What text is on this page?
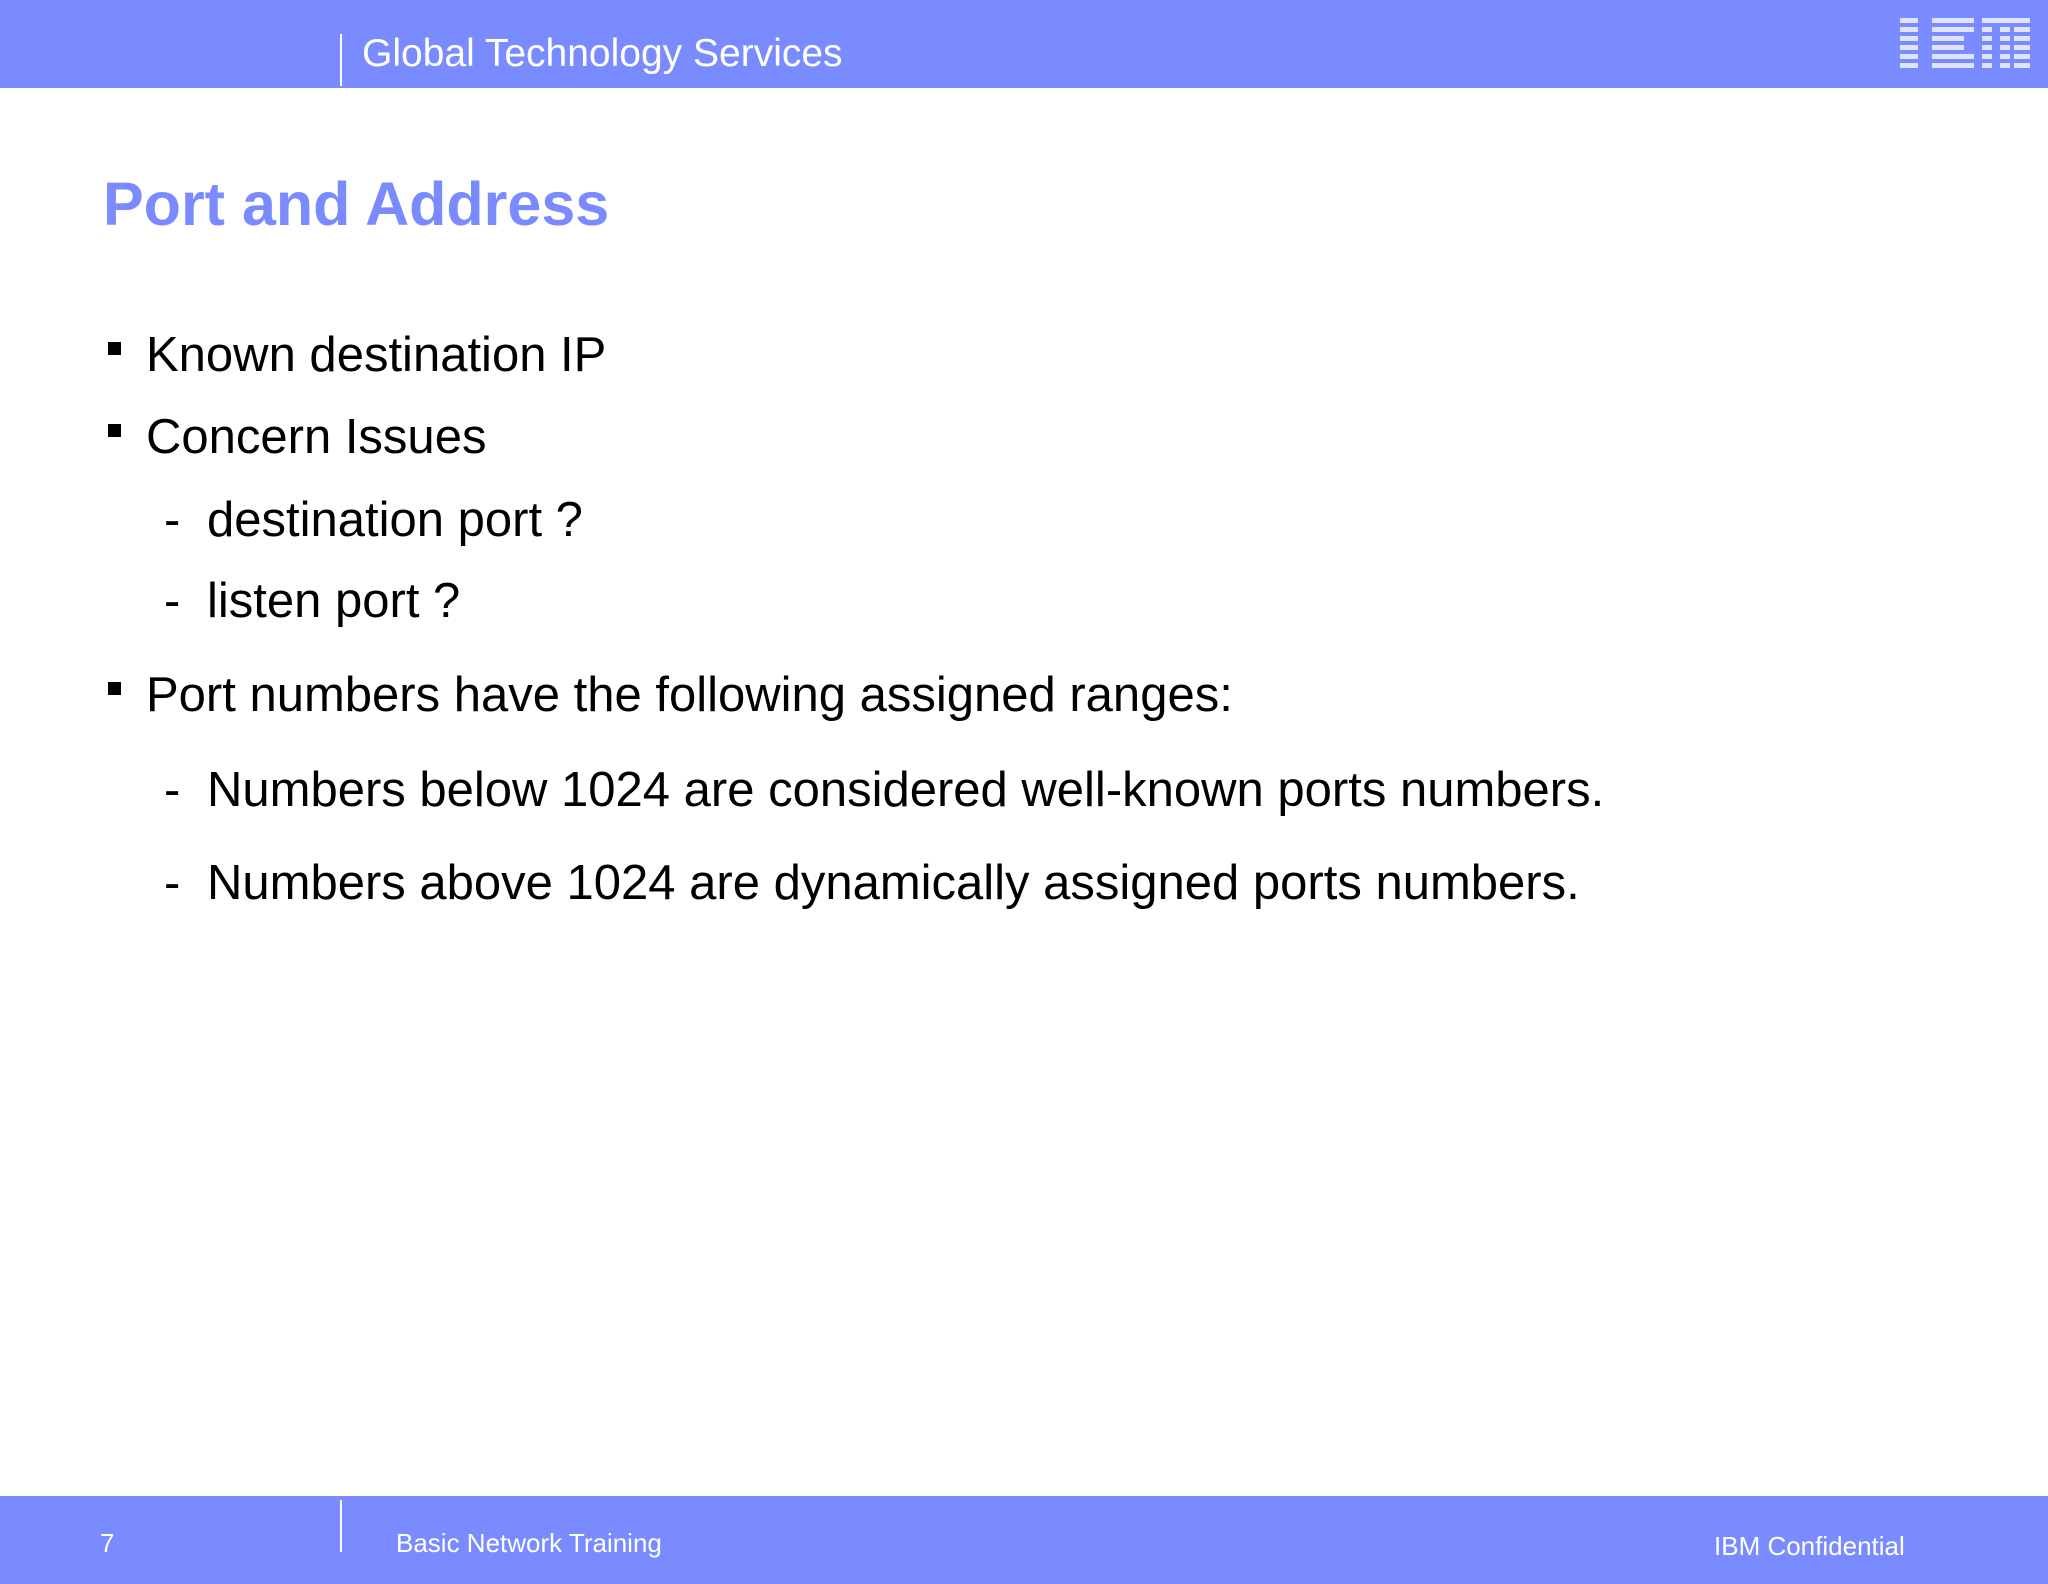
Global Technology Services
Port and Address
Known destination IP
Concern Issues
- destination port ?
- listen port ?
Port numbers have the following assigned ranges:
- Numbers below 1024 are considered well-known ports numbers.
- Numbers above 1024 are dynamically assigned ports numbers.
7	Basic Network Training	IBM Confidential
